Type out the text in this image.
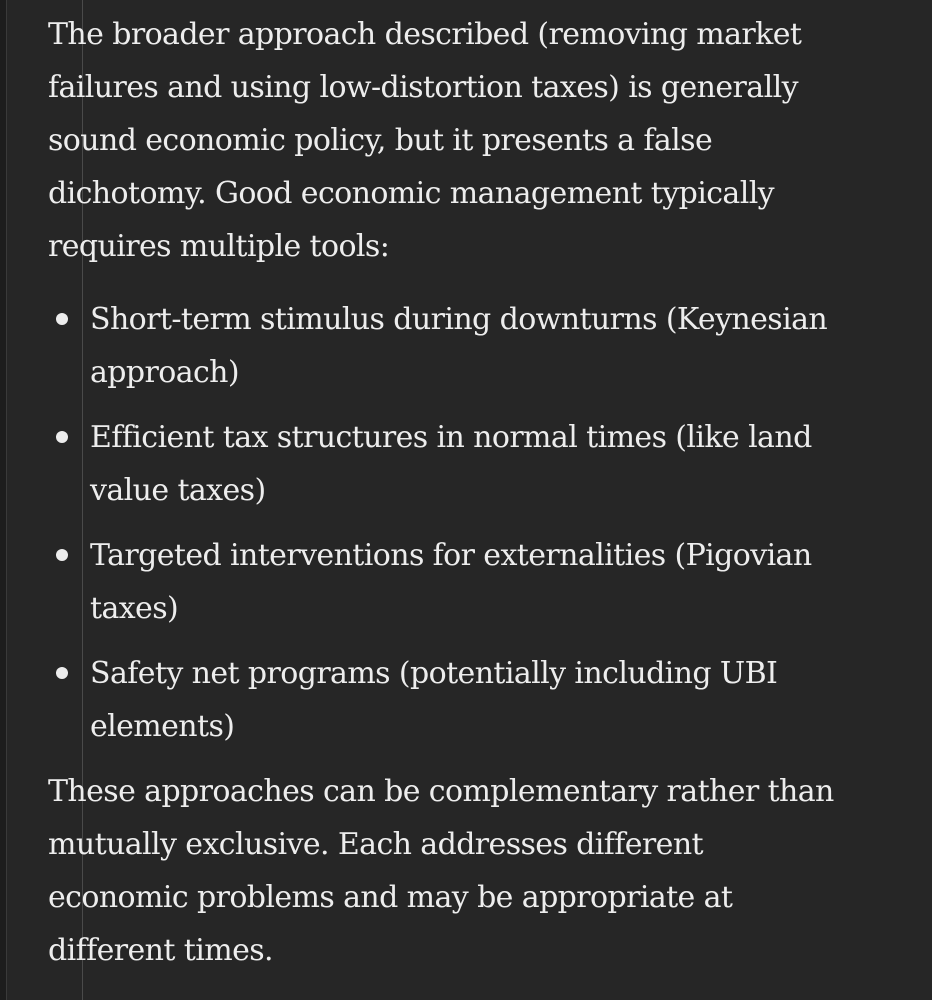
The broader approach described (removing market failures and using low-distortion taxes) is generally sound economic policy, but it presents a false dichotomy. Good economic management typically requires multiple tools:

Short-term stimulus during downturns (Keynesian approach)
Efficient tax structures in normal times (like land value taxes)
Targeted interventions for externalities (Pigovian taxes)
Safety net programs (potentially including UBI elements)

These approaches can be complementary rather than mutually exclusive. Each addresses different economic problems and may be appropriate at different times.
